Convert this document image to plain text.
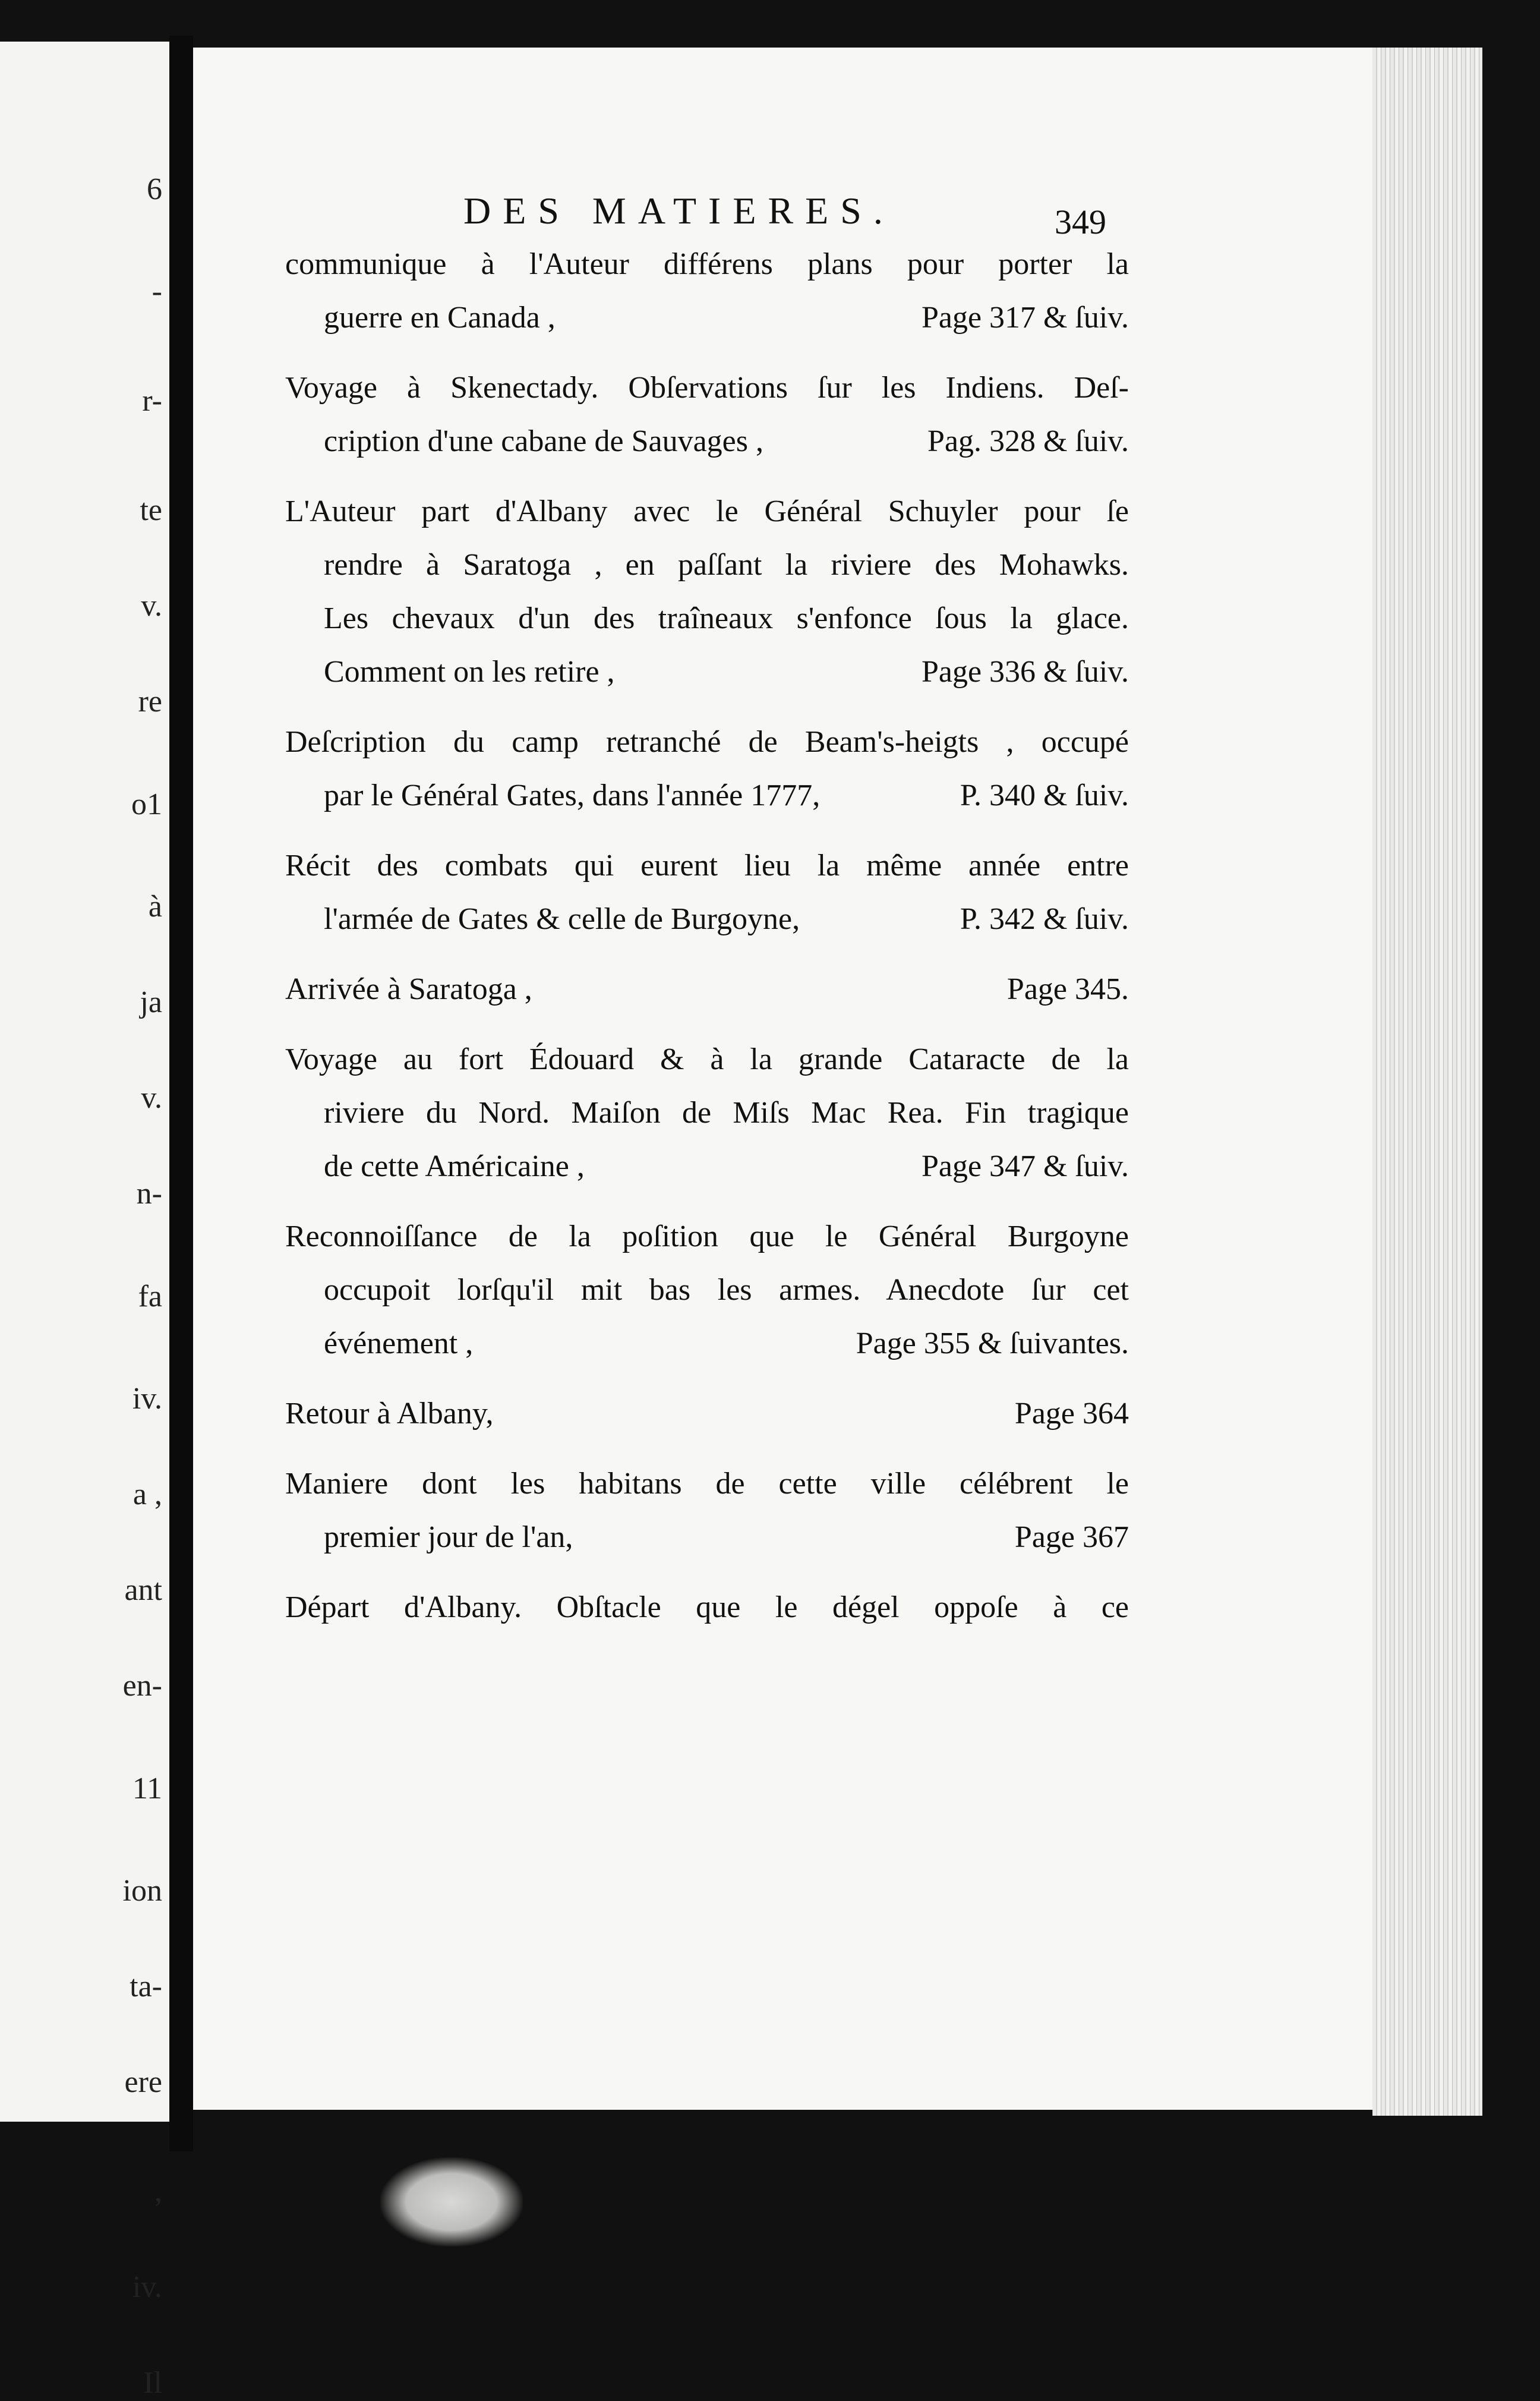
6
-
r-
te
v.
re
o1
à
ja
v.
n-
fa
iv.
a ,
ant
en-
11
ion
ta-
ere
,
iv.
Il
DES MATIERES.	349
communique à l'Auteur différens plans pour porter la
guerre en Canada ,	Page 317 & ſuiv.
Voyage à Skenectady. Obſervations ſur les Indiens. Deſ-
cription d'une cabane de Sauvages ,	Pag. 328 & ſuiv.
L'Auteur part d'Albany avec le Général Schuyler pour ſe
rendre à Saratoga , en paſſant la riviere des Mohawks.
Les chevaux d'un des traîneaux s'enfonce ſous la glace.
Comment on les retire ,	Page 336 & ſuiv.
Deſcription du camp retranché de Beam's-heigts , occupé
par le Général Gates, dans l'année 1777,	P. 340 & ſuiv.
Récit des combats qui eurent lieu la même année entre
l'armée de Gates & celle de Burgoyne,	P. 342 & ſuiv.
Arrivée à Saratoga ,	Page 345.
Voyage au fort Édouard & à la grande Cataracte de la
riviere du Nord. Maiſon de Miſs Mac Rea. Fin tragique
de cette Américaine ,	Page 347 & ſuiv.
Reconnoiſſance de la poſition que le Général Burgoyne
occupoit lorſqu'il mit bas les armes. Anecdote ſur cet
événement ,	Page 355 & ſuivantes.
Retour à Albany,	Page 364
Maniere dont les habitans de cette ville célébrent le
premier jour de l'an,	Page 367
Départ d'Albany. Obſtacle que le dégel oppoſe à ce
